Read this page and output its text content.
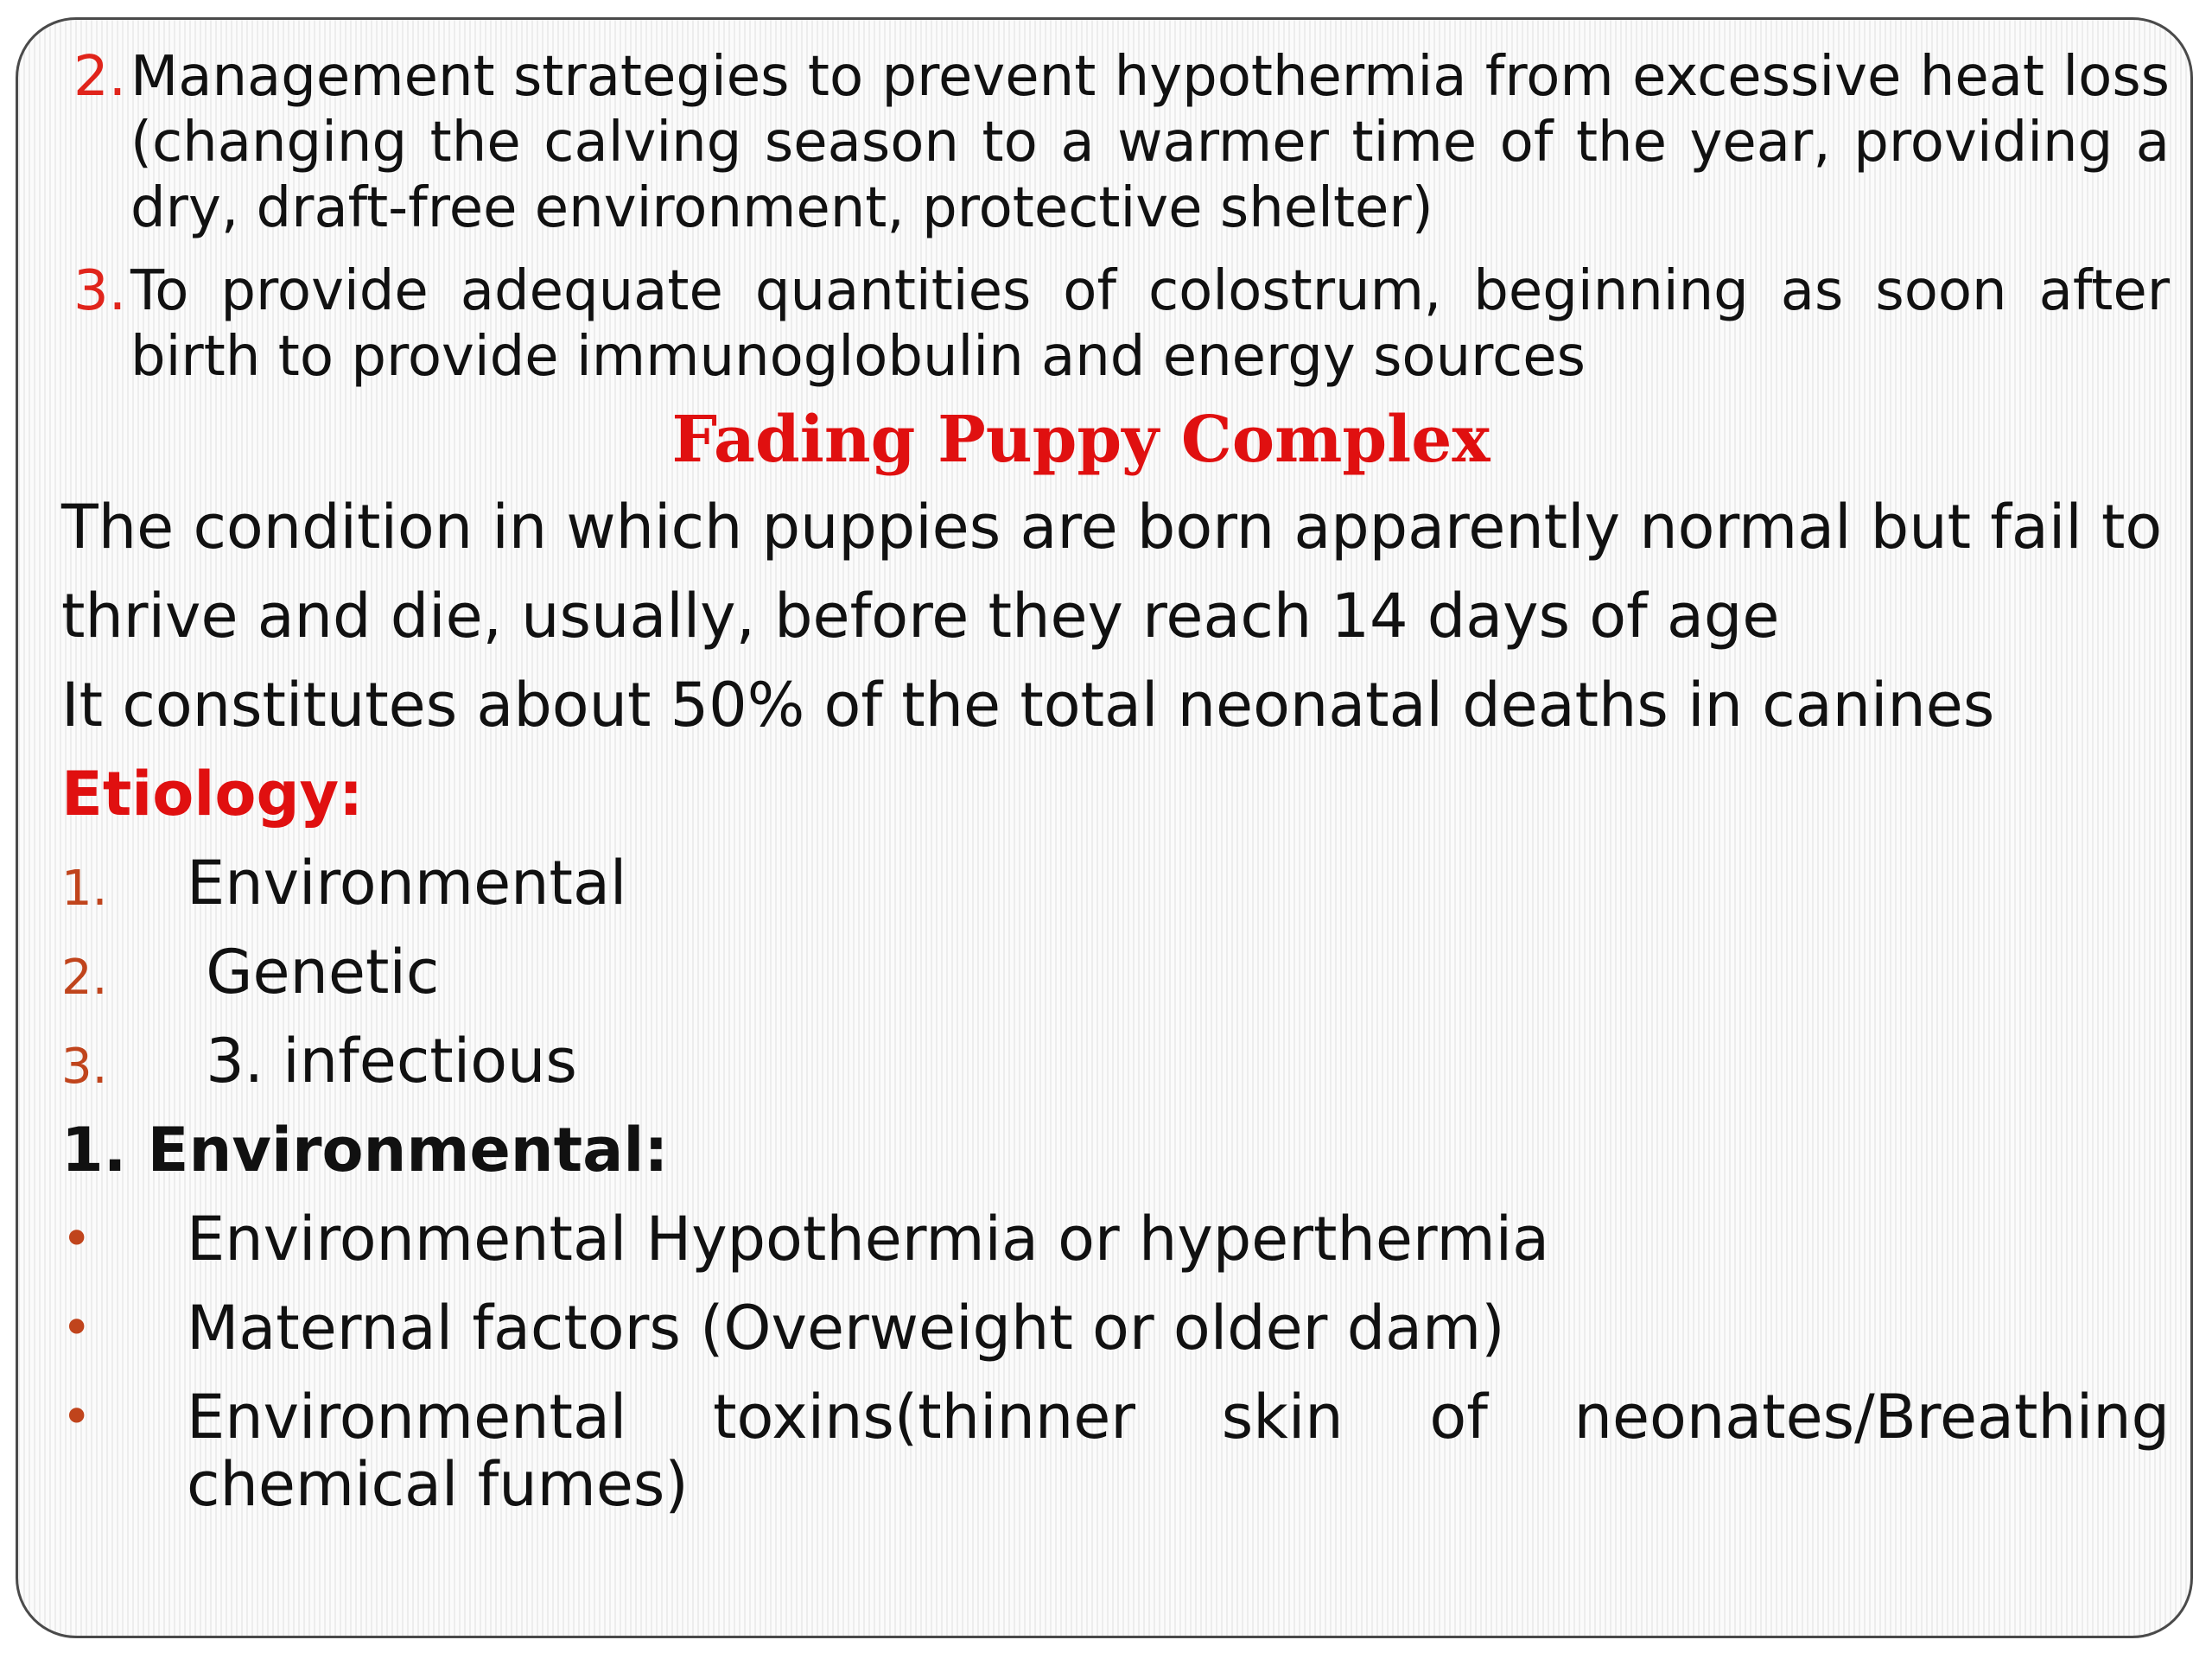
2. Management strategies to prevent hypothermia from excessive heat loss (changing the calving season to a warmer time of the year, providing a dry, draft-free environment, protective shelter)
3. To provide adequate quantities of colostrum, beginning as soon after birth to provide immunoglobulin and energy sources
Fading Puppy Complex
The condition in which puppies are born apparently normal but fail to thrive and die, usually, before they reach 14 days of age
It constitutes about 50% of the total neonatal deaths in canines
Etiology:
1. Environmental
2. Genetic
3. 3. infectious
1. Environmental:
• Environmental Hypothermia or hyperthermia
• Maternal factors (Overweight or older dam)
• Environmental toxins(thinner skin of neonates/Breathing chemical fumes)
